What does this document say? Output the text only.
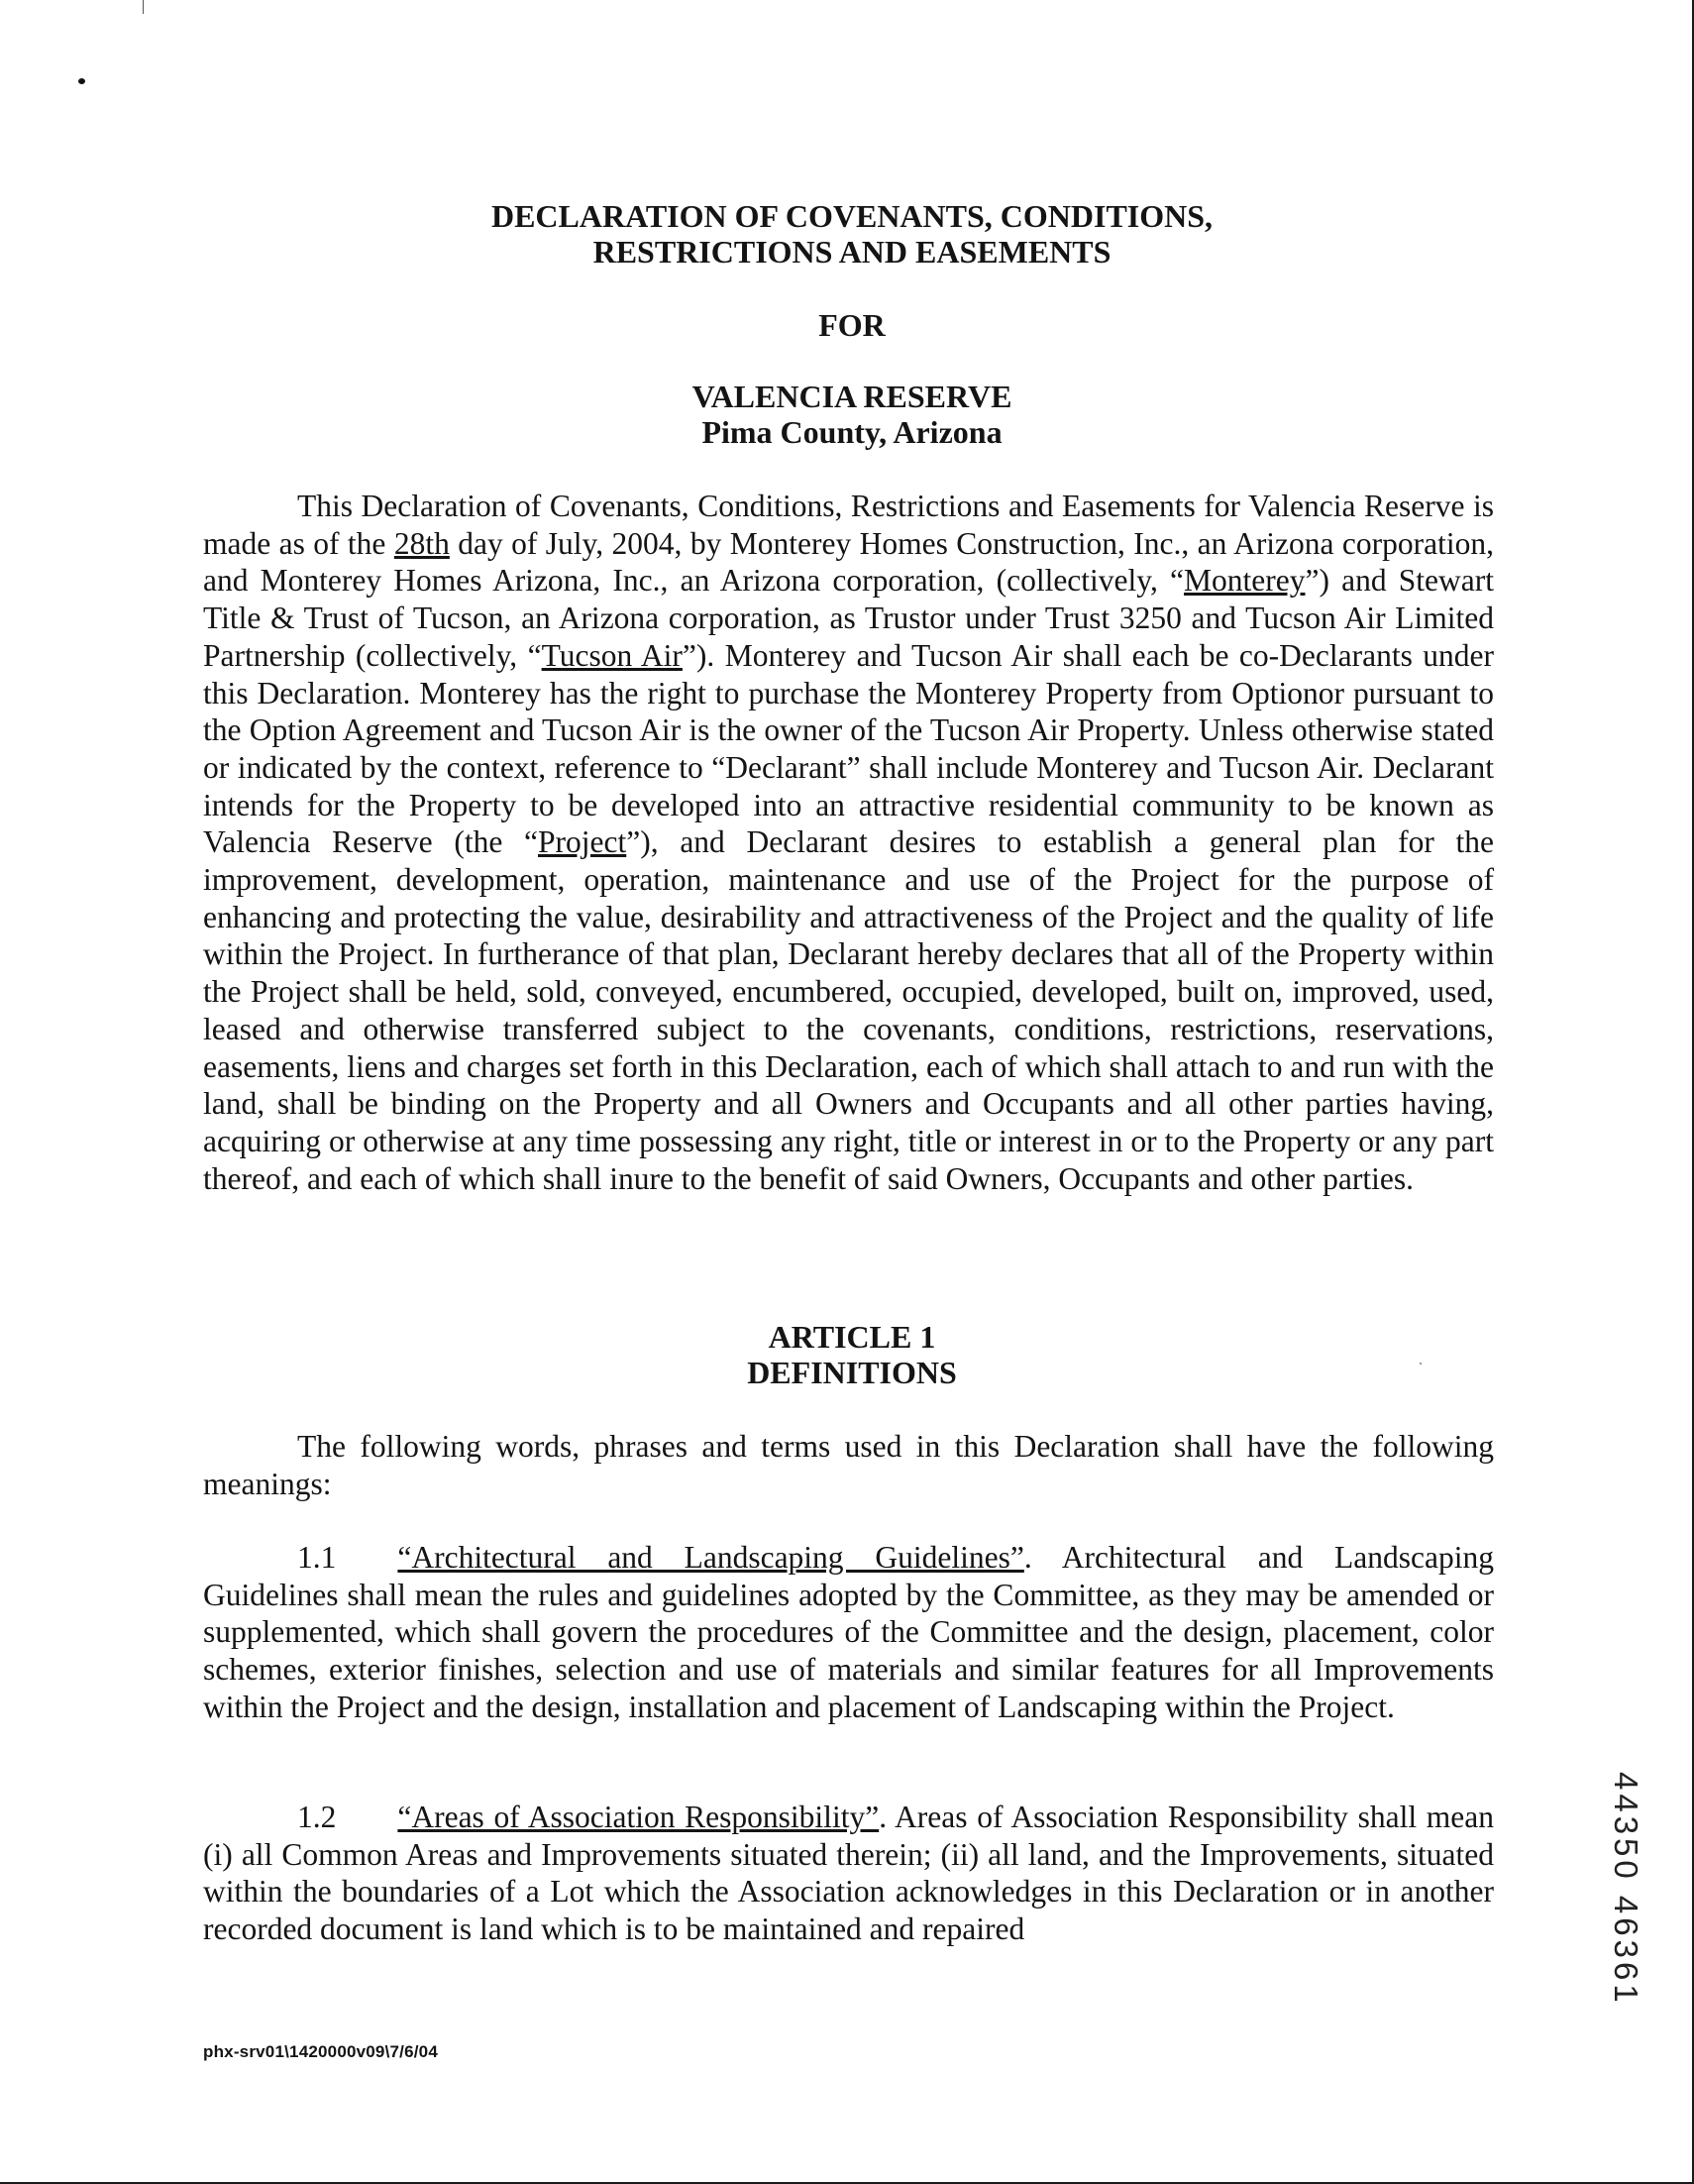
DECLARATION OF COVENANTS, CONDITIONS,
RESTRICTIONS AND EASEMENTS
FOR
VALENCIA RESERVE
Pima County, Arizona

This Declaration of Covenants, Conditions, Restrictions and Easements for Valencia Reserve is made as of the 28th day of July, 2004, by Monterey Homes Construction, Inc., an Arizona corporation, and Monterey Homes Arizona, Inc., an Arizona corporation, (collectively, “Monterey”) and Stewart Title & Trust of Tucson, an Arizona corporation, as Trustor under Trust 3250 and Tucson Air Limited Partnership (collectively, “Tucson Air”). Monterey and Tucson Air shall each be co-Declarants under this Declaration. Monterey has the right to purchase the Monterey Property from Optionor pursuant to the Option Agreement and Tucson Air is the owner of the Tucson Air Property. Unless otherwise stated or indicated by the context, reference to “Declarant” shall include Monterey and Tucson Air. Declarant intends for the Property to be developed into an attractive residential community to be known as Valencia Reserve (the “Project”), and Declarant desires to establish a general plan for the improvement, development, operation, maintenance and use of the Project for the purpose of enhancing and protecting the value, desirability and attractiveness of the Project and the quality of life within the Project. In furtherance of that plan, Declarant hereby declares that all of the Property within the Project shall be held, sold, conveyed, encumbered, occupied, developed, built on, improved, used, leased and otherwise transferred subject to the covenants, conditions, restrictions, reservations, easements, liens and charges set forth in this Declaration, each of which shall attach to and run with the land, shall be binding on the Property and all Owners and Occupants and all other parties having, acquiring or otherwise at any time possessing any right, title or interest in or to the Property or any part thereof, and each of which shall inure to the benefit of said Owners, Occupants and other parties.

ARTICLE 1
DEFINITIONS

The following words, phrases and terms used in this Declaration shall have the following meanings:

1.1 “Architectural and Landscaping Guidelines”. Architectural and Landscaping Guidelines shall mean the rules and guidelines adopted by the Committee, as they may be amended or supplemented, which shall govern the procedures of the Committee and the design, placement, color schemes, exterior finishes, selection and use of materials and similar features for all Improvements within the Project and the design, installation and placement of Landscaping within the Project.

1.2 “Areas of Association Responsibility”. Areas of Association Responsibility shall mean (i) all Common Areas and Improvements situated therein; (ii) all land, and the Improvements, situated within the boundaries of a Lot which the Association acknowledges in this Declaration or in another recorded document is land which is to be maintained and repaired

phx-srv01\1420000v09\7/6/04
44350 46361
